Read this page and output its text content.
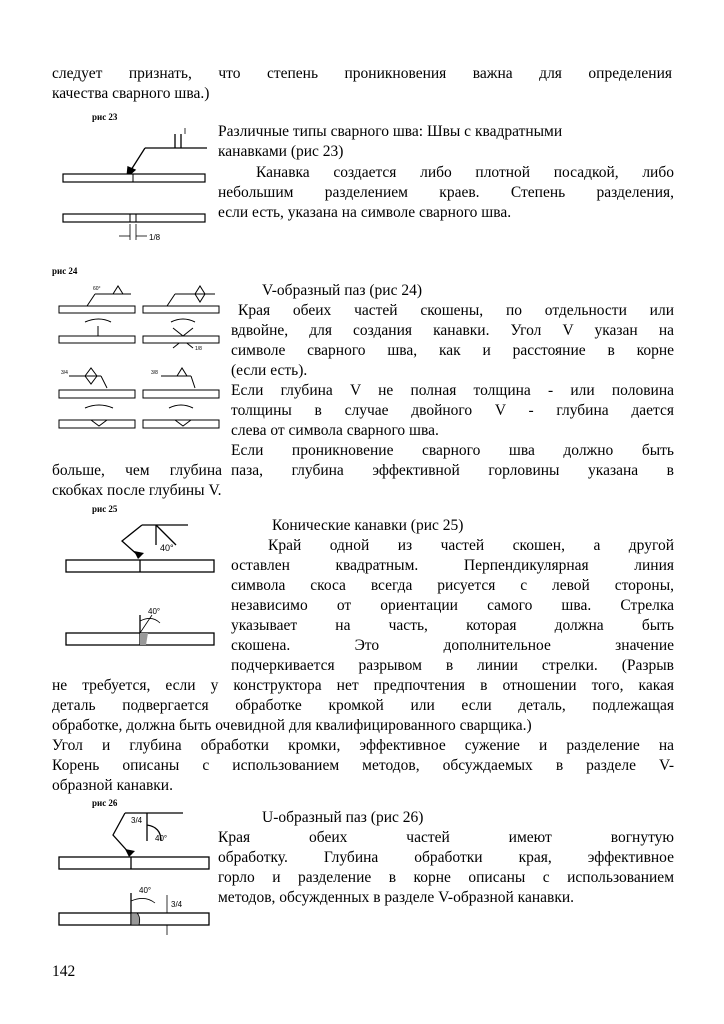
следует признать, что степень проникновения важна для определения
качества сварного шва.)
рис 23
1/8
Различные типы сварного шва: Швы с квадратными
канавками (рис 23)
Канавка создается либо плотной посадкой, либо
небольшим разделением краев. Степень разделения,
если есть, указана на символе сварного шва.
рис 24
60°
1/8
3/4	3/8
V-образный паз (рис 24)
Края обеих частей скошены, по отдельности или
вдвойне, для создания канавки. Угол V указан на
символе сварного шва, как и расстояние в корне
(если есть).
Если глубина V не полная толщина - или половина
толщины в случае двойного V - глубина дается
слева от символа сварного шва.
Если проникновение сварного шва должно быть
больше, чем глубина паза, глубина эффективной горловины указана в
скобках после глубины V.
рис 25
40°
40°
Конические канавки (рис 25)
Край одной из частей скошен, а другой
оставлен квадратным. Перпендикулярная линия
символа скоса всегда рисуется с левой стороны,
независимо от ориентации самого шва. Стрелка
указывает на часть, которая должна быть
скошена. Это дополнительное значение
подчеркивается разрывом в линии стрелки. (Разрыв
не требуется, если у конструктора нет предпочтения в отношении того, какая
деталь подвергается обработке кромкой или если деталь, подлежащая
обработке, должна быть очевидной для квалифицированного сварщика.)
Угол и глубина обработки кромки, эффективное сужение и разделение на
Корень описаны с использованием методов, обсуждаемых в разделе V-
образной канавки.
рис 26
3/4
40°
40°
3/4
U-образный паз (рис 26)
Края обеих частей имеют вогнутую
обработку. Глубина обработки края, эффективное
горло и разделение в корне описаны с использованием
методов, обсужденных в разделе V-образной канавки.
142
